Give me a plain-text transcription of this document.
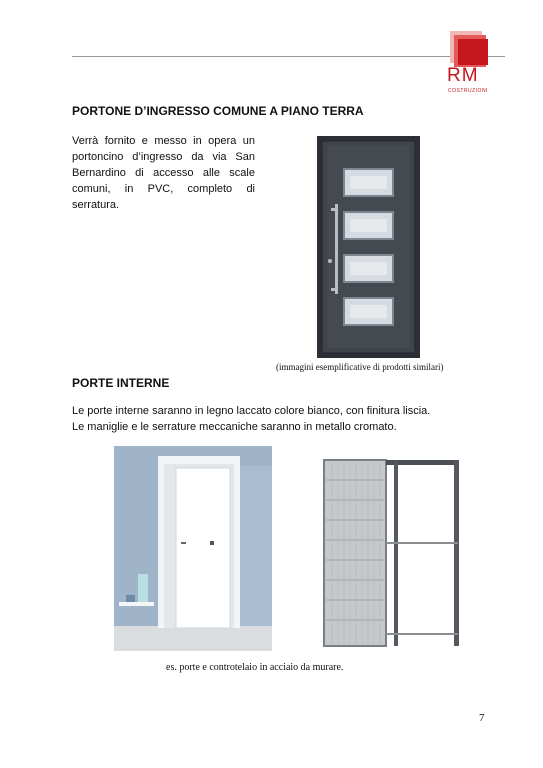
RM
COSTRUZIONI
PORTONE D’INGRESSO COMUNE A PIANO TERRA

Verrà fornito e messo in opera un portoncino d’ingresso da via San Bernardino di accesso alle scale comuni, in PVC, completo di serratura.

(immagini esemplificative di prodotti similari)
PORTE INTERNE
Le porte interne saranno in legno laccato colore bianco, con finitura liscia.
Le maniglie e le serrature meccaniche saranno in metallo cromato.
es. porte e controtelaio in acciaio da murare.
7
